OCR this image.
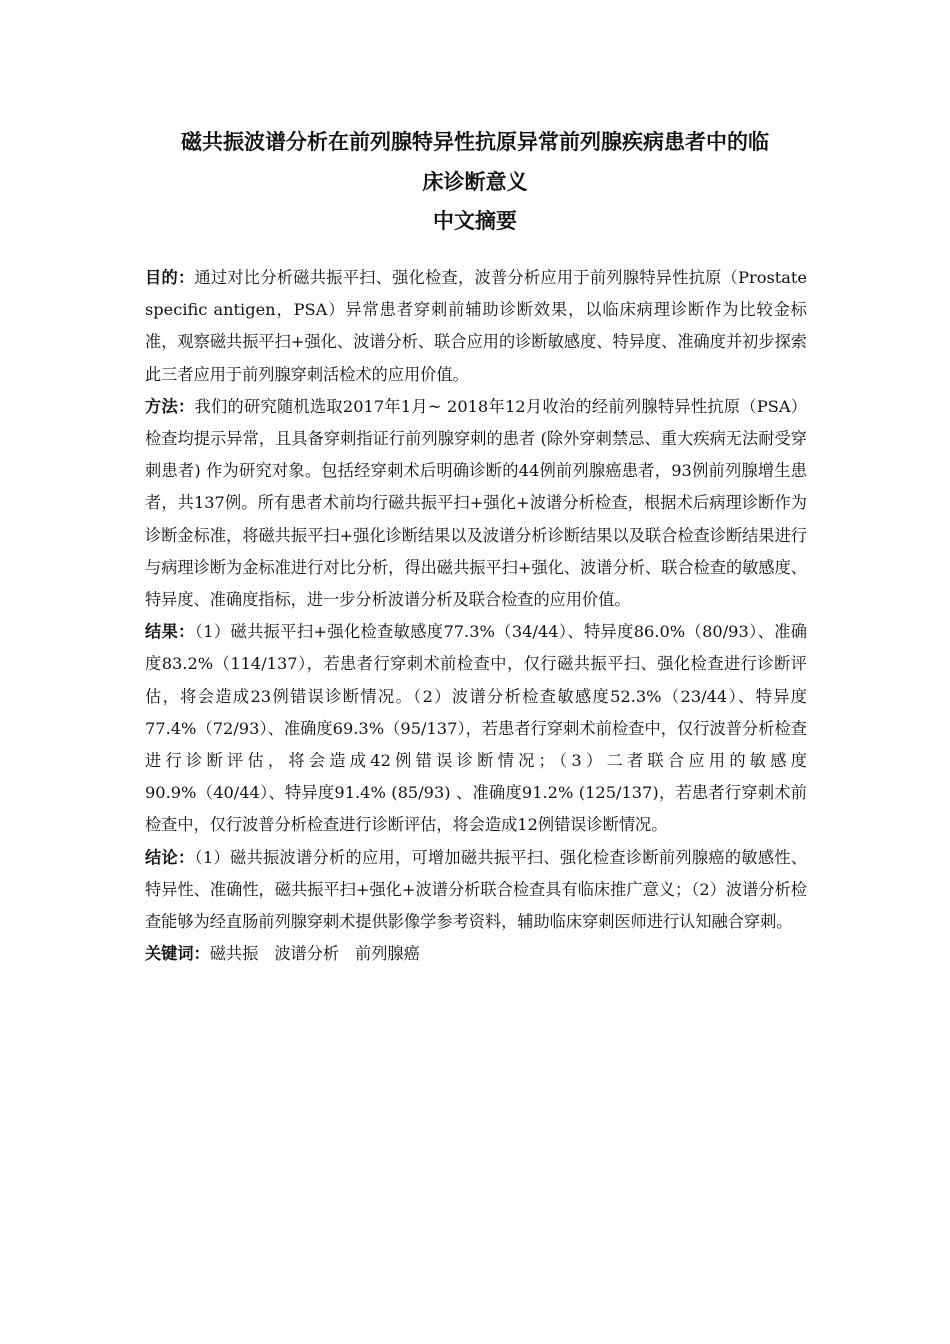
磁共振波谱分析在前列腺特异性抗原异常前列腺疾病患者中的临
床诊断意义
中文摘要

目的：通过对比分析磁共振平扫、强化检查，波普分析应用于前列腺特异性抗原（Prostate specific antigen，PSA）异常患者穿刺前辅助诊断效果，以临床病理诊断作为比较金标准，观察磁共振平扫+强化、波谱分析、联合应用的诊断敏感度、特异度、准确度并初步探索此三者应用于前列腺穿刺活检术的应用价值。

方法：我们的研究随机选取2017年1月~ 2018年12月收治的经前列腺特异性抗原（PSA）检查均提示异常，且具备穿刺指证行前列腺穿刺的患者 (除外穿刺禁忌、重大疾病无法耐受穿刺患者) 作为研究对象。包括经穿刺术后明确诊断的44例前列腺癌患者，93例前列腺增生患者，共137例。所有患者术前均行磁共振平扫+强化+波谱分析检查，根据术后病理诊断作为诊断金标准，将磁共振平扫+强化诊断结果以及波谱分析诊断结果以及联合检查诊断结果进行与病理诊断为金标准进行对比分析，得出磁共振平扫+强化、波谱分析、联合检查的敏感度、特异度、准确度指标，进一步分析波谱分析及联合检查的应用价值。

结果：（1）磁共振平扫+强化检查敏感度77.3%（34/44）、特异度86.0%（80/93）、准确度83.2%（114/137），若患者行穿刺术前检查中，仅行磁共振平扫、强化检查进行诊断评估，将会造成23例错误诊断情况。（2）波谱分析检查敏感度52.3%（23/44）、特异度77.4%（72/93）、准确度69.3%（95/137），若患者行穿刺术前检查中，仅行波普分析检查进行诊断评估，将会造成42例错误诊断情况；（3）二者联合应用的敏感度90.9%（40/44）、特异度91.4% (85/93) 、准确度91.2% (125/137)，若患者行穿刺术前检查中，仅行波普分析检查进行诊断评估，将会造成12例错误诊断情况。

结论：（1）磁共振波谱分析的应用，可增加磁共振平扫、强化检查诊断前列腺癌的敏感性、特异性、准确性，磁共振平扫+强化+波谱分析联合检查具有临床推广意义；（2）波谱分析检查能够为经直肠前列腺穿刺术提供影像学参考资料，辅助临床穿刺医师进行认知融合穿刺。

关键词：磁共振 波谱分析 前列腺癌
